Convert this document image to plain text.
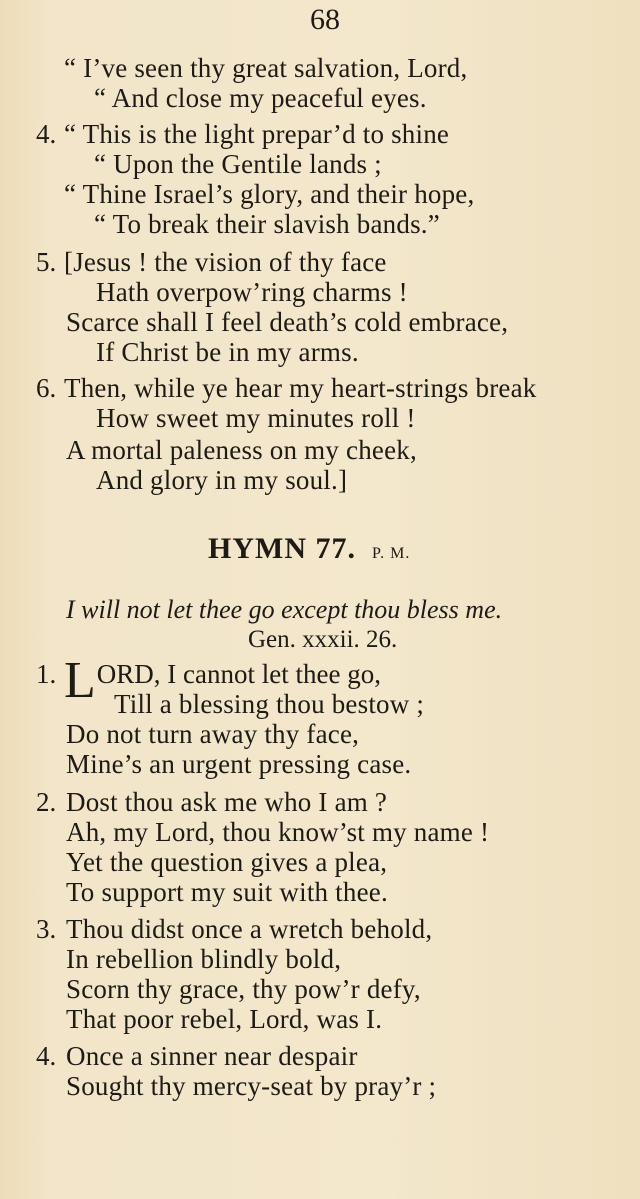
68
“ I’ve seen thy great salvation, Lord,
“ And close my peaceful eyes.
4. “ This is the light prepar’d to shine
“ Upon the Gentile lands ;
“ Thine Israel’s glory, and their hope,
“ To break their slavish bands.”
5. [Jesus ! the vision of thy face
Hath overpow’ring charms !
Scarce shall I feel death’s cold embrace,
If Christ be in my arms.
6. Then, while ye hear my heart-strings break
How sweet my minutes roll !
A mortal paleness on my cheek,
And glory in my soul.]
HYMN 77. P. M.
I will not let thee go except thou bless me.
Gen. xxxii. 26.
1. LORD, I cannot let thee go,
Till a blessing thou bestow ;
Do not turn away thy face,
Mine’s an urgent pressing case.
2. Dost thou ask me who I am ?
Ah, my Lord, thou know’st my name !
Yet the question gives a plea,
To support my suit with thee.
3. Thou didst once a wretch behold,
In rebellion blindly bold,
Scorn thy grace, thy pow’r defy,
That poor rebel, Lord, was I.
4. Once a sinner near despair
Sought thy mercy-seat by pray’r ;
